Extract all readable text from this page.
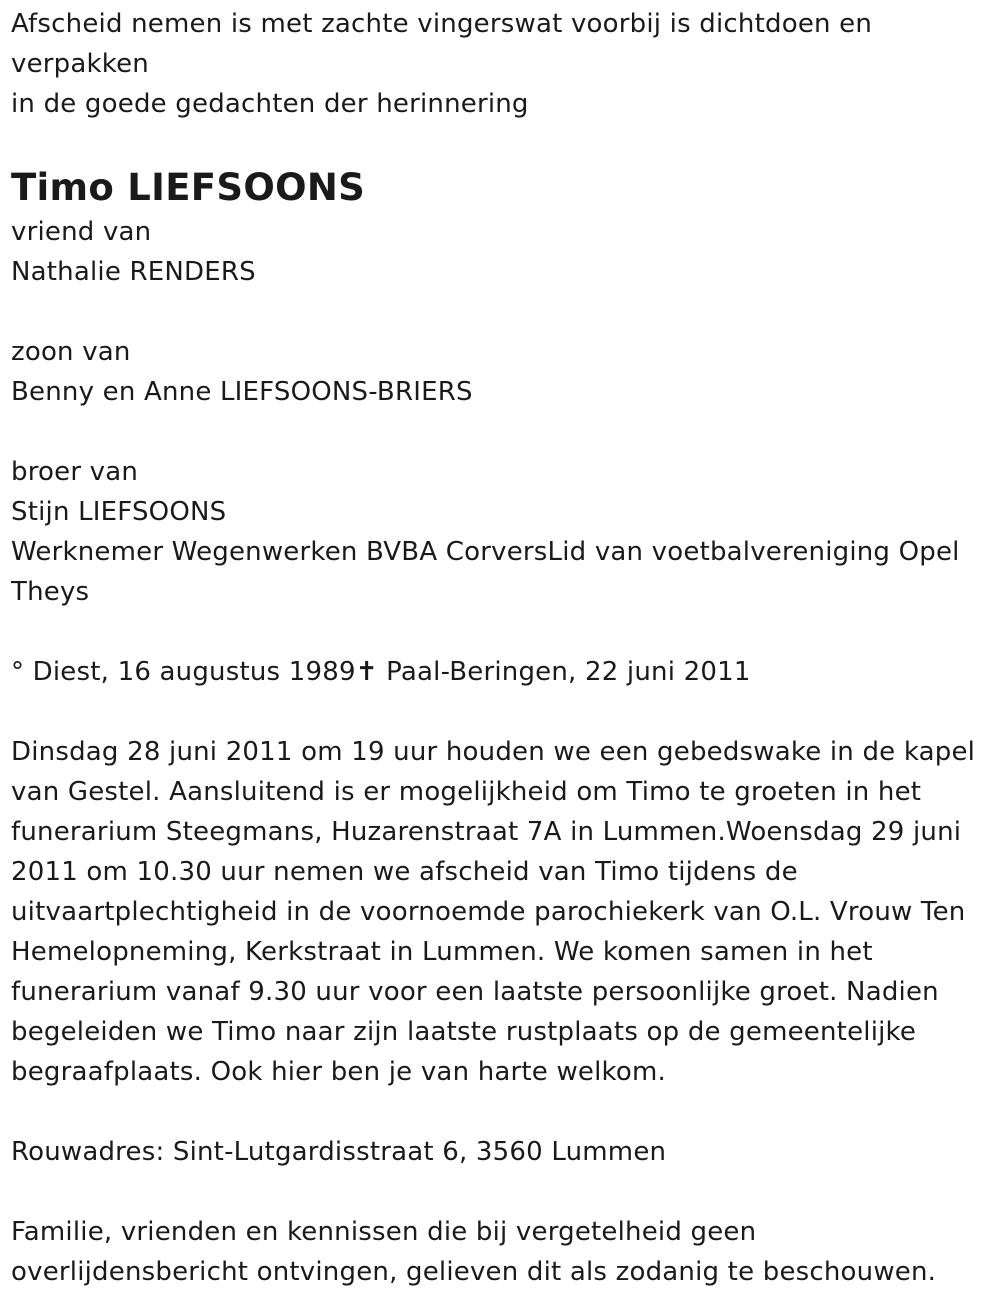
Afscheid nemen is met zachte vingerswat voorbij is dichtdoen en
verpakken
in de goede gedachten der herinnering
Timo LIEFSOONS
vriend van
Nathalie RENDERS
zoon van
Benny en Anne LIEFSOONS-BRIERS
broer van
Stijn LIEFSOONS
Werknemer Wegenwerken BVBA CorversLid van voetbalvereniging Opel
Theys
° Diest, 16 augustus 1989✝ Paal-Beringen, 22 juni 2011
Dinsdag 28 juni 2011 om 19 uur houden we een gebedswake in de kapel
van Gestel. Aansluitend is er mogelijkheid om Timo te groeten in het
funerarium Steegmans, Huzarenstraat 7A in Lummen.Woensdag 29 juni
2011 om 10.30 uur nemen we afscheid van Timo tijdens de
uitvaartplechtigheid in de voornoemde parochiekerk van O.L. Vrouw Ten
Hemelopneming, Kerkstraat in Lummen. We komen samen in het
funerarium vanaf 9.30 uur voor een laatste persoonlijke groet. Nadien
begeleiden we Timo naar zijn laatste rustplaats op de gemeentelijke
begraafplaats. Ook hier ben je van harte welkom.
Rouwadres: Sint-Lutgardisstraat 6, 3560 Lummen
Familie, vrienden en kennissen die bij vergetelheid geen
overlijdensbericht ontvingen, gelieven dit als zodanig te beschouwen.
